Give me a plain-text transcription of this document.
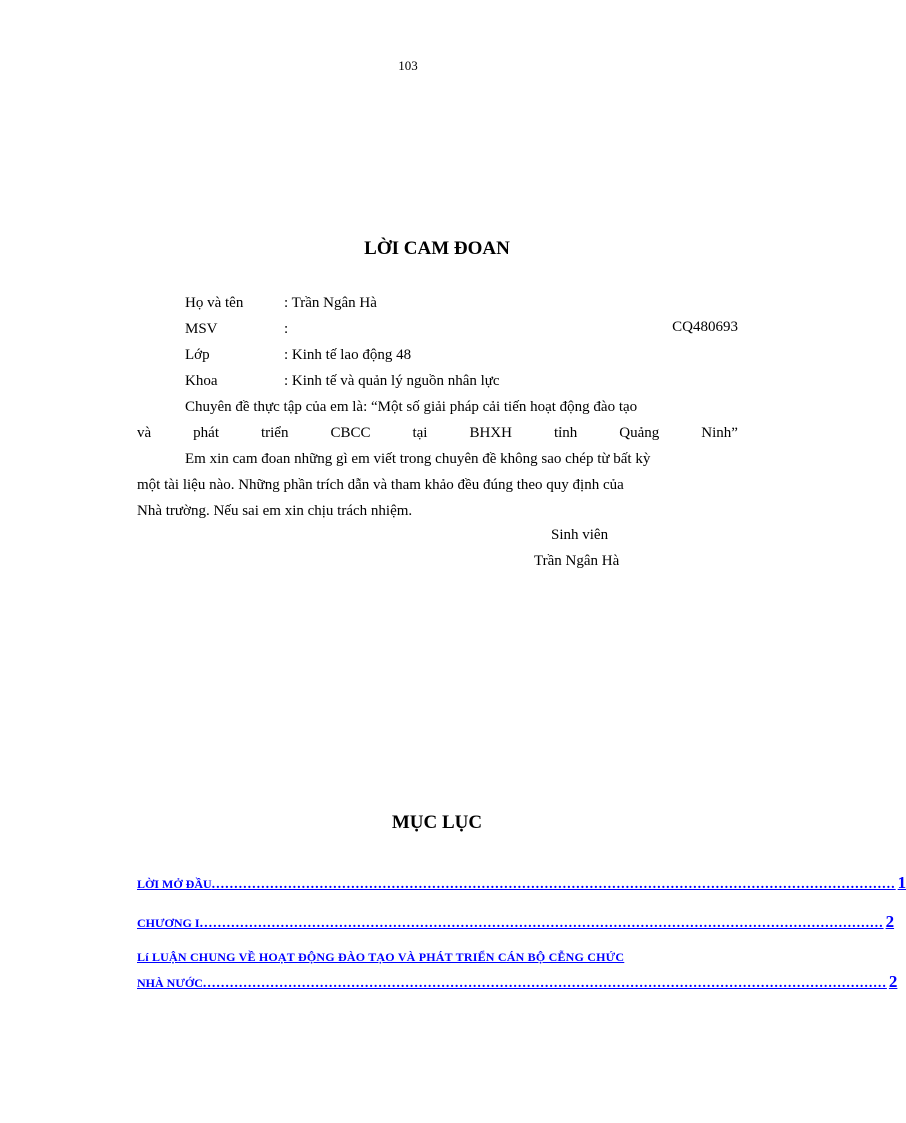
103
LỜI CAM ĐOAN
Họ và tên	: Trần Ngân Hà
MSV	:	CQ480693
Lớp	: Kinh tế lao động 48
Khoa	: Kinh tế và quản lý nguồn nhân lực
Chuyên đề thực tập của em là: “Một số giải pháp cải tiến hoạt động đào tạo
và	phát	triển	CBCC	tại	BHXH	tỉnh	Quảng	Ninh”
Em xin cam đoan những gì em viết trong chuyên đề không sao chép từ bất kỳ
một tài liệu nào. Những phần trích dẫn và tham khảo đều đúng theo quy định của
Nhà trường. Nếu sai em xin chịu trách nhiệm.
Sinh viên
Trần Ngân Hà
MỤC LỤC
LỜI MỞ ĐẦU ........................................................................................................................................................ 1
CHƯƠNG I ........................................................................................................................................................ 2
Lí LUẬN CHUNG VỀ HOẠT ĐỘNG ĐÀO TẠO VÀ PHÁT TRIỂN CÁN BỘ CỄNG CHỨC
NHÀ NƯỚC ........................................................................................................................................................ 2
